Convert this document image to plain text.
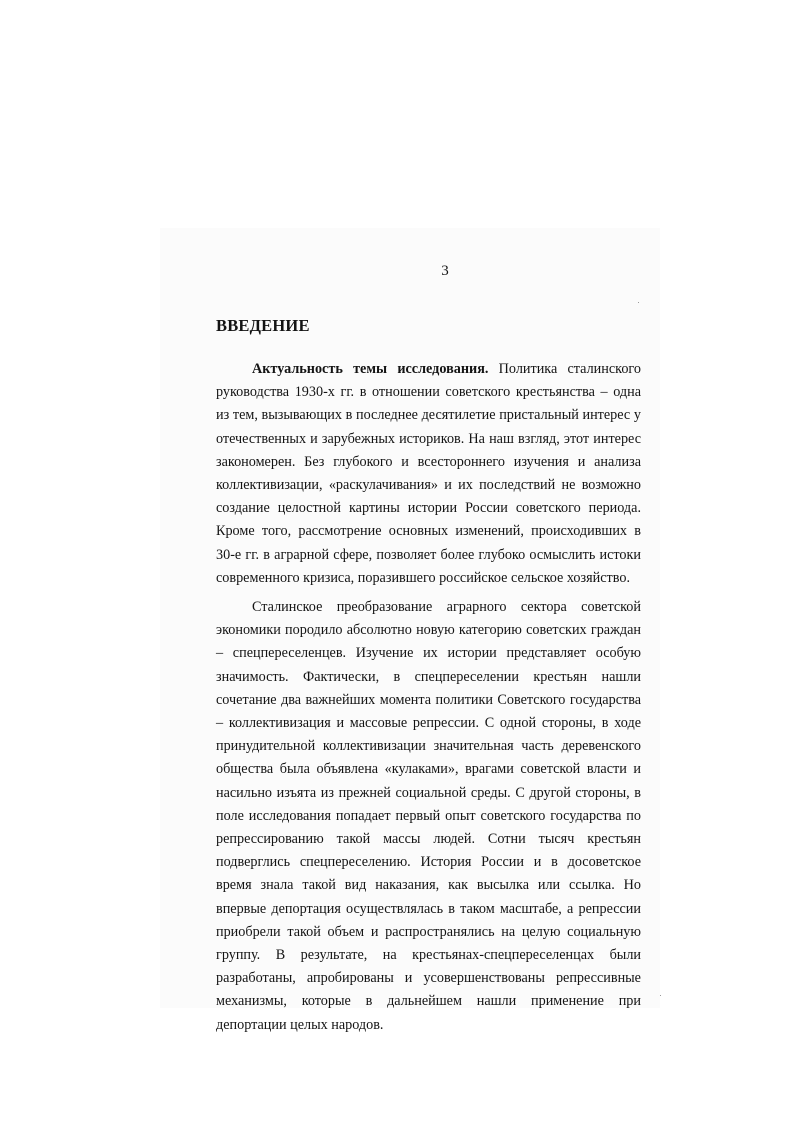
3
ВВЕДЕНИЕ

Актуальность темы исследования. Политика сталинского руководства 1930-х гг. в отношении советского крестьянства – одна из тем, вызывающих в последнее десятилетие пристальный интерес у отечественных и зарубежных историков. На наш взгляд, этот интерес закономерен. Без глубокого и всестороннего изучения и анализа коллективизации, «раскулачивания» и их последствий не возможно создание целостной картины истории России советского периода. Кроме того, рассмотрение основных изменений, происходивших в 30-е гг. в аграрной сфере, позволяет более глубоко осмыслить истоки современного кризиса, поразившего российское сельское хозяйство.

Сталинское преобразование аграрного сектора советской экономики породило абсолютно новую категорию советских граждан – спецпереселенцев. Изучение их истории представляет особую значимость. Фактически, в спецпереселении крестьян нашли сочетание два важнейших момента политики Советского государства – коллективизация и массовые репрессии. С одной стороны, в ходе принудительной коллективизации значительная часть деревенского общества была объявлена «кулаками», врагами советской власти и насильно изъята из прежней социальной среды. С другой стороны, в поле исследования попадает первый опыт советского государства по репрессированию такой массы людей. Сотни тысяч крестьян подверглись спецпереселению. История России и в досоветское время знала такой вид наказания, как высылка или ссылка. Но впервые депортация осуществлялась в таком масштабе, а репрессии приобрели такой объем и распространялись на целую социальную группу. В результате, на крестьянах-спецпереселенцах были разработаны, апробированы и усовершенствованы репрессивные механизмы, которые в дальнейшем нашли применение при депортации целых народов.
